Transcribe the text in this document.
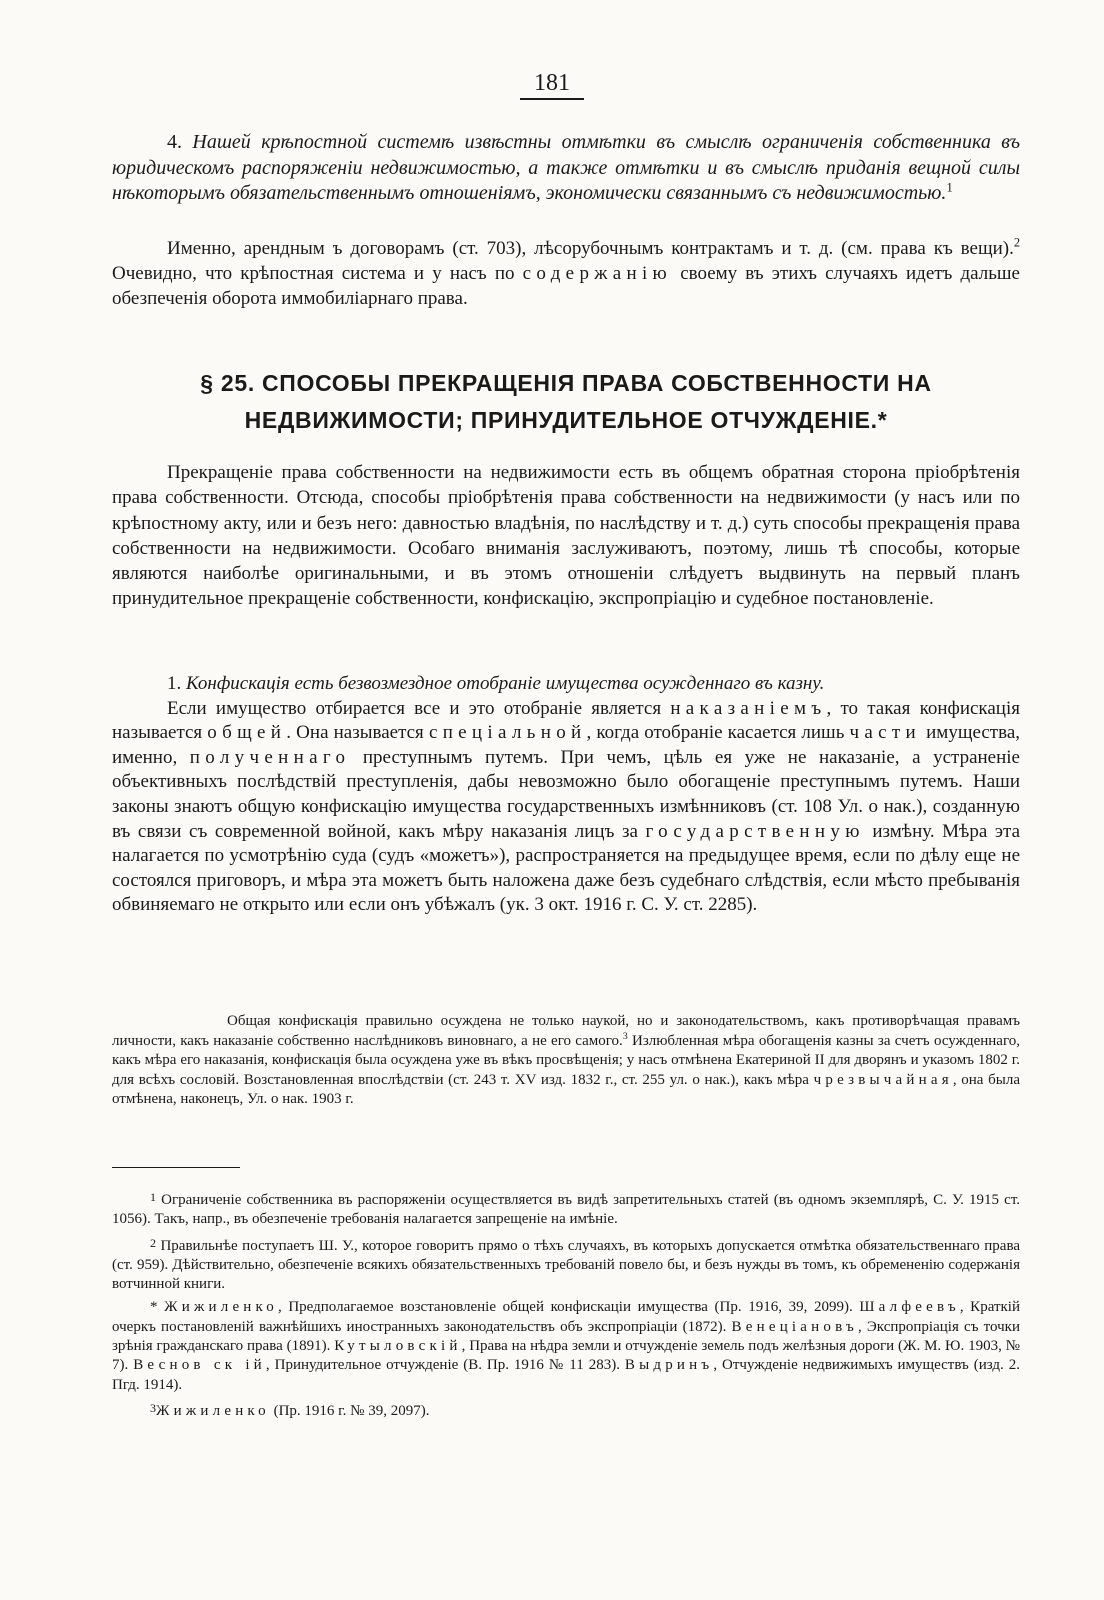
181

4. Нашей крѣпостной системѣ извѣстны отмѣтки въ смыслѣ ограниченія собственника въ юридическомъ распоряженіи недвижимостью, а также отмѣтки и въ смыслѣ приданія вещной силы нѣкоторымъ обязательственнымъ отношеніямъ, экономически связаннымъ съ недвижимостью.$^1$

Именно, арендным ъ договорамъ (ст. 703), лѣсорубочнымъ контрактамъ и т. д. (см. права къ вещи).$^2$ Очевидно, что крѣпостная система и у насъ по содержанію своему въ этихъ случаяхъ идетъ дальше обезпеченія оборота иммобиліарнаго права.

§ 25. СПОСОБЫ ПРЕКРАЩЕНІЯ ПРАВА СОБСТВЕННОСТИ НА
НЕДВИЖИМОСТИ; ПРИНУДИТЕЛЬНОЕ ОТЧУЖДЕНІЕ.*

Прекращеніе права собственности на недвижимости есть въ общемъ обратная сторона пріобрѣтенія права собственности. Отсюда, способы пріобрѣтенія права собственности на недвижимости (у насъ или по крѣпостному акту, или и безъ него: давностью владѣнія, по наслѣдству и т. д.) суть способы прекращенія права собственности на недвижимости. Особаго вниманія заслуживаютъ, поэтому, лишь тѣ способы, которые являются наиболѣе оригинальными, и въ этомъ отношеніи слѣдуетъ выдвинуть на первый планъ принудительное прекращеніе собственности, конфискацію, экспропріацію и судебное постановленіе.

1. Конфискація есть безвозмездное отобраніе имущества осужденнаго въ казну.

Если имущество отбирается все и это отобраніе является наказаніемъ, то такая конфискація называется общей. Она называется спеціальной, когда отобраніе касается лишь части имущества, именно, полученнаго преступнымъ путемъ. При чемъ, цѣль ея уже не наказаніе, а устраненіе объективныхъ послѣдствій преступленія, дабы невозможно было обогащеніе преступнымъ путемъ. Наши законы знаютъ общую конфискацію имущества государственныхъ измѣнниковъ (ст. 108 Ул. о нак.), созданную въ связи съ современной войной, какъ мѣру наказанія лицъ за государственную измѣну. Мѣра эта налагается по усмотрѣнію суда (судъ «можетъ»), распространяется на предыдущее время, если по дѣлу еще не состоялся приговоръ, и мѣра эта можетъ быть наложена даже безъ судебнаго слѣдствія, если мѣсто пребыванія обвиняемаго не открыто или если онъ убѣжалъ (ук. 3 окт. 1916 г. С. У. ст. 2285).

Общая конфискація правильно осуждена не только наукой, но и законодательствомъ, какъ противорѣчащая правамъ личности, какъ наказаніе собственно наслѣдниковъ виновнаго, а не его самого.$^3$ Излюбленная мѣра обогащенія казны за счетъ осужденнаго, какъ мѣра его наказанія, конфискація была осуждена уже въ вѣкъ просвѣщенія; у насъ отмѣнена Екатериной II для дворянъ и указомъ 1802 г. для всѣхъ сословій. Возстановленная впослѣдствіи (ст. 243 т. XV изд. 1832 г., ст. 255 ул. о нак.), какъ мѣра чрезвычайная, она была отмѣнена, наконецъ, Ул. о нак. 1903 г.

$^1$ Ограниченіе собственника въ распоряженіи осуществляется въ видѣ запретительныхъ статей (въ одномъ экземплярѣ, С. У. 1915 ст. 1056). Такъ, напр., въ обезпеченіе требованія налагается запрещеніе на имѣніе.

$^2$ Правильнѣе поступаетъ Ш. У., которое говоритъ прямо о тѣхъ случаяхъ, въ которыхъ допускается отмѣтка обязательственнаго права (ст. 959). Дѣйствительно, обезпеченіе всякихъ обязательственныхъ требованій повело бы, и безъ нужды въ томъ, къ обремененію содержанія вотчинной книги.

* Жижиленко, Предполагаемое возстановленіе общей конфискаціи имущества (Пр. 1916, 39, 2099). Шалфеевъ, Краткій очеркъ постановленій важнѣйшихъ иностранныхъ законодательствъ объ экспропріаціи (1872). Венеціановъ, Экспропріація съ точки зрѣнія гражданскаго права (1891). Кутыловскій, Права на нѣдра земли и отчужденіе земель подъ желѣзныя дороги (Ж. М. Ю. 1903, № 7). Веснов ск ій, Принудительное отчужденіе (В. Пр. 1916 № 11 283). Выдринъ, Отчужденіе недвижимыхъ имуществъ (изд. 2. Пгд. 1914).

$^3$Жижиленко (Пр. 1916 г. № 39, 2097).
